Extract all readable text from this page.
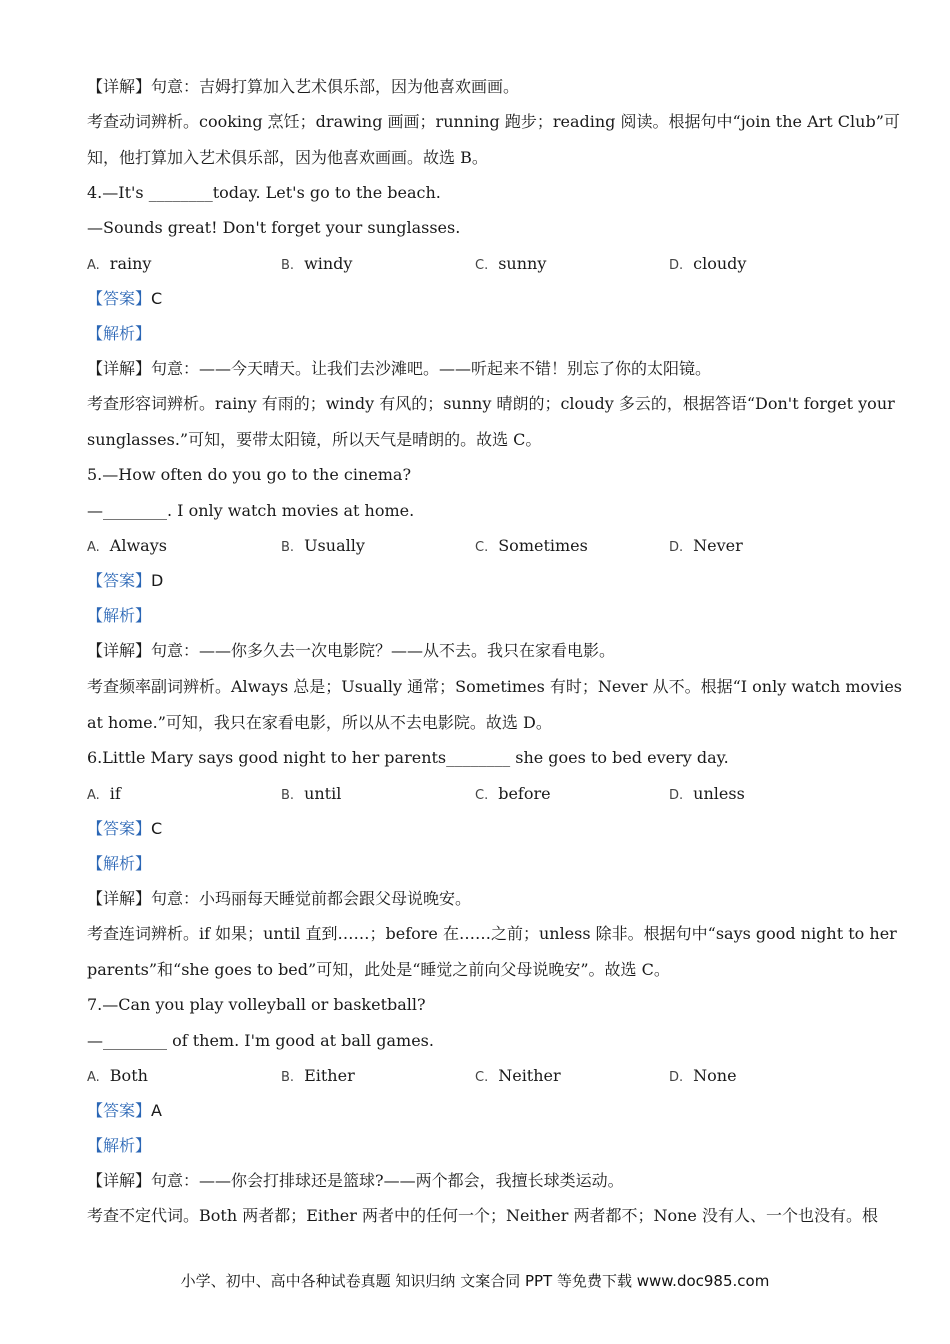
【详解】句意：吉姆打算加入艺术俱乐部，因为他喜欢画画。
考查动词辨析。cooking 烹饪；drawing 画画；running 跑步；reading 阅读。根据句中“join the Art Club”可
知，他打算加入艺术俱乐部，因为他喜欢画画。故选 B。
4.—It's ________today. Let's go to the beach.
—Sounds great! Don't forget your sunglasses.
A. rainy	B. windy	C. sunny	D. cloudy
【答案】C
【解析】
【详解】句意：——今天晴天。让我们去沙滩吧。——听起来不错！别忘了你的太阳镜。
考查形容词辨析。rainy 有雨的；windy 有风的；sunny 晴朗的；cloudy 多云的，根据答语“Don't forget your
sunglasses.”可知，要带太阳镜，所以天气是晴朗的。故选 C。
5.—How often do you go to the cinema?
—________. I only watch movies at home.
A. Always	B. Usually	C. Sometimes	D. Never
【答案】D
【解析】
【详解】句意：——你多久去一次电影院？——从不去。我只在家看电影。
考查频率副词辨析。Always 总是；Usually 通常；Sometimes 有时；Never 从不。根据“I only watch movies
at home.”可知，我只在家看电影，所以从不去电影院。故选 D。
6.Little Mary says good night to her parents________ she goes to bed every day.
A. if	B. until	C. before	D. unless
【答案】C
【解析】
【详解】句意：小玛丽每天睡觉前都会跟父母说晚安。
考查连词辨析。if 如果；until 直到……；before 在……之前；unless 除非。根据句中“says good night to her
parents”和“she goes to bed”可知，此处是“睡觉之前向父母说晚安”。故选 C。
7.—Can you play volleyball or basketball?
—________ of them. I'm good at ball games.
A. Both	B. Either	C. Neither	D. None
【答案】A
【解析】
【详解】句意：——你会打排球还是篮球?——两个都会，我擅长球类运动。
考查不定代词。Both 两者都；Either 两者中的任何一个；Neither 两者都不；None 没有人、一个也没有。根
小学、初中、高中各种试卷真题 知识归纳 文案合同 PPT 等免费下载 www.doc985.com
